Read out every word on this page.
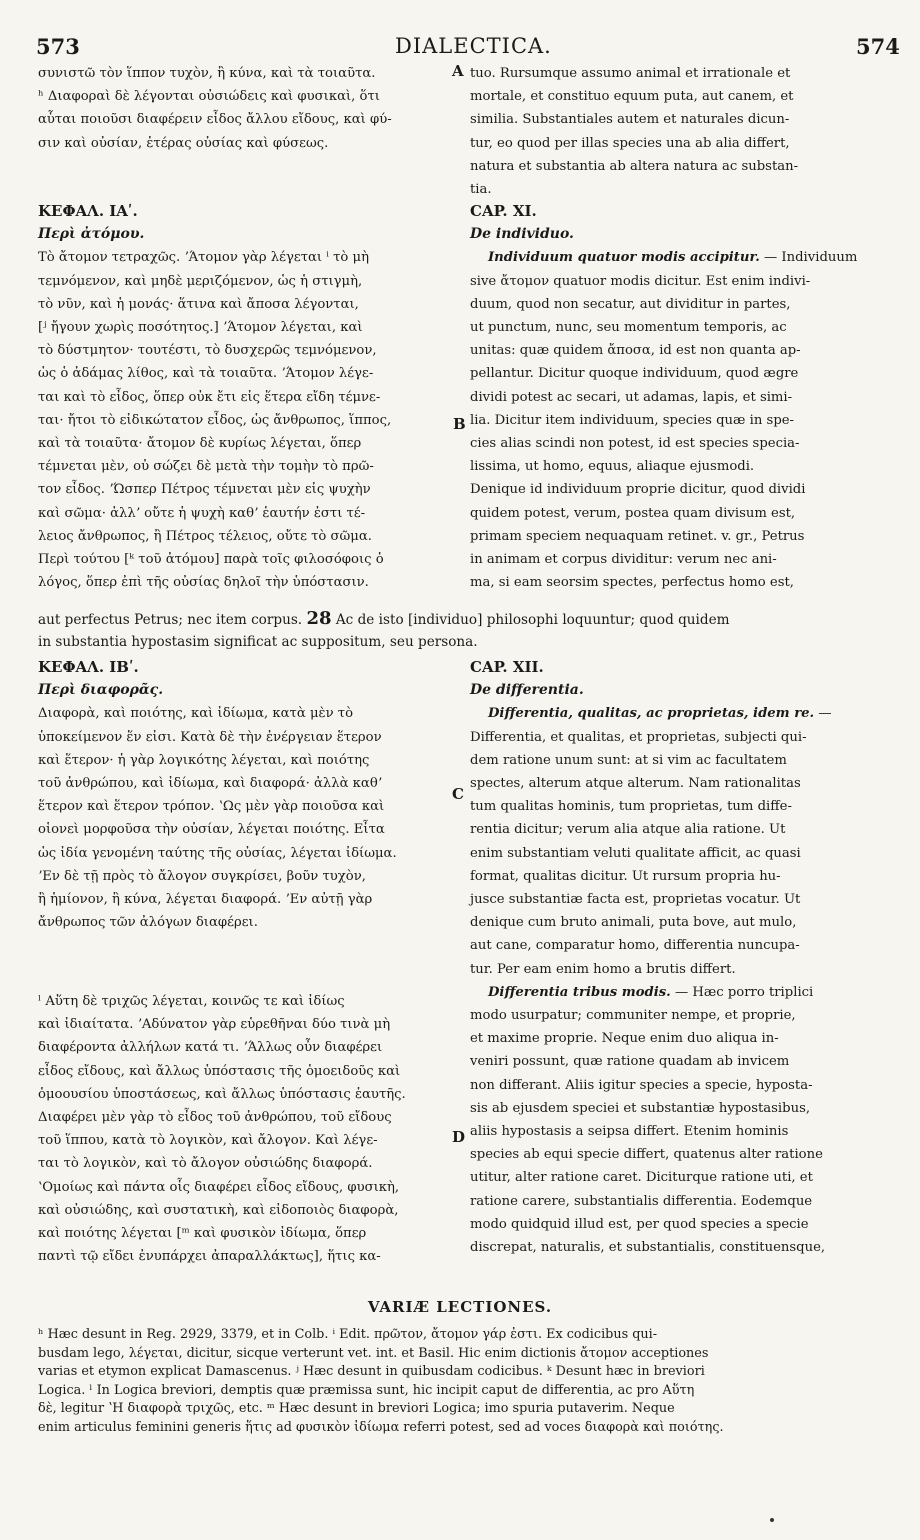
573	DIALECTICA.	574
A
B
C
D

συνιστῶ τὸν ἵππον τυχὸν, ἢ κύνα, καὶ τὰ τοιαῦτα.

ʰ Διαφοραὶ δὲ λέγονται οὐσιώδεις καὶ φυσικαὶ, ὅτι

αὗται ποιοῦσι διαφέρειν εἶδος ἄλλου εἴδους, καὶ φύ-

σιν καὶ οὐσίαν, ἑτέρας οὐσίας καὶ φύσεως.

ΚΕΦΑΛ. ΙΑʹ.

Περὶ ἀτόμου.

Τὸ ἄτομον τετραχῶς. ʼΆτομον γὰρ λέγεται ⁱ τὸ μὴ

τεμνόμενον, καὶ μηδὲ μεριζόμενον, ὡς ἡ στιγμὴ,

τὸ νῦν, καὶ ἡ μονάς· ἅτινα καὶ ἄποσα λέγονται,

[ʲ ἤγουν χωρὶς ποσότητος.] ʼΆτομον λέγεται, καὶ

τὸ δύστμητον· τουτέστι, τὸ δυσχερῶς τεμνόμενον,

ὡς ὁ ἀδάμας λίθος, καὶ τὰ τοιαῦτα. ʼΆτομον λέγε-

ται καὶ τὸ εἶδος, ὅπερ οὐκ ἔτι εἰς ἕτερα εἴδη τέμνε-

ται· ἤτοι τὸ εἰδικώτατον εἶδος, ὡς ἄνθρωπος, ἵππος,

καὶ τὰ τοιαῦτα· ἄτομον δὲ κυρίως λέγεται, ὅπερ

τέμνεται μὲν, οὐ σώζει δὲ μετὰ τὴν τομὴν τὸ πρῶ-

τον εἶδος. ʼΏσπερ Πέτρος τέμνεται μὲν εἰς ψυχὴν

καὶ σῶμα· ἀλλʼ οὔτε ἡ ψυχὴ καθʼ ἑαυτήν ἐστι τέ-

λειος ἄνθρωπος, ἢ Πέτρος τέλειος, οὔτε τὸ σῶμα.

Περὶ τούτου [ᵏ τοῦ ἀτόμου] παρὰ τοῖς φιλοσόφοις ὁ

λόγος, ὅπερ ἐπὶ τῆς οὐσίας δηλοῖ τὴν ὑπόστασιν.

tuo. Rursumque assumo animal et irrationale et

mortale, et constituo equum puta, aut canem, et

similia. Substantiales autem et naturales dicun-

tur, eo quod per illas species una ab alia differt,

natura et substantia ab altera natura ac substan-

tia.

CAP. XI.

De individuo.

Individuum quatuor modis accipitur. — Individuum

sive ἄτομον quatuor modis dicitur. Est enim indivi-

duum, quod non secatur, aut dividitur in partes,

ut punctum, nunc, seu momentum temporis, ac

unitas: quæ quidem ἄποσα, id est non quanta ap-

pellantur. Dicitur quoque individuum, quod ægre

dividi potest ac secari, ut adamas, lapis, et simi-

lia. Dicitur item individuum, species quæ in spe-

cies alias scindi non potest, id est species specia-

lissima, ut homo, equus, aliaque ejusmodi.

Denique id individuum proprie dicitur, quod dividi

quidem potest, verum, postea quam divisum est,

primam speciem nequaquam retinet. v. gr., Petrus

in animam et corpus dividitur: verum nec ani-

ma, si eam seorsim spectes, perfectus homo est,

aut perfectus Petrus; nec item corpus. 28 Ac de isto [individuo] philosophi loquuntur; quod quidem
in substantia hypostasim significat ac suppositum, seu persona.

ΚΕΦΑΛ. ΙΒʹ.

Περὶ διαφορᾶς.

Διαφορὰ, καὶ ποιότης, καὶ ἰδίωμα, κατὰ μὲν τὸ

ὑποκείμενον ἕν εἰσι. Κατὰ δὲ τὴν ἐνέργειαν ἕτερον

καὶ ἕτερον· ἡ γὰρ λογικότης λέγεται, καὶ ποιότης

τοῦ ἀνθρώπου, καὶ ἰδίωμα, καὶ διαφορά· ἀλλὰ καθʼ

ἕτερον καὶ ἕτερον τρόπον. ʽΩς μὲν γὰρ ποιοῦσα καὶ

οἱονεὶ μορφοῦσα τὴν οὐσίαν, λέγεται ποιότης. Εἶτα

ὡς ἰδία γενομένη ταύτης τῆς οὐσίας, λέγεται ἰδίωμα.

ʼΕν δὲ τῇ πρὸς τὸ ἄλογον συγκρίσει, βοῦν τυχὸν,

ἢ ἡμίονον, ἢ κύνα, λέγεται διαφορά. ʼΕν αὐτῇ γὰρ

ἄνθρωπος τῶν ἀλόγων διαφέρει.

ˡ Αὕτη δὲ τριχῶς λέγεται, κοινῶς τε καὶ ἰδίως

καὶ ἰδιαίτατα. ʼΑδύνατον γὰρ εὑρεθῆναι δύο τινὰ μὴ

διαφέροντα ἀλλήλων κατά τι. ʼΆλλως οὖν διαφέρει

εἶδος εἴδους, καὶ ἄλλως ὑπόστασις τῆς ὁμοειδοῦς καὶ

ὁμοουσίου ὑποστάσεως, καὶ ἄλλως ὑπόστασις ἑαυτῆς.

Διαφέρει μὲν γὰρ τὸ εἶδος τοῦ ἀνθρώπου, τοῦ εἴδους

τοῦ ἵππου, κατὰ τὸ λογικὸν, καὶ ἄλογον. Καὶ λέγε-

ται τὸ λογικὸν, καὶ τὸ ἄλογον οὐσιώδης διαφορά.

ʽΟμοίως καὶ πάντα οἷς διαφέρει εἶδος εἴδους, φυσικὴ,

καὶ οὐσιώδης, καὶ συστατικὴ, καὶ εἰδοποιὸς διαφορὰ,

καὶ ποιότης λέγεται [ᵐ καὶ φυσικὸν ἰδίωμα, ὅπερ

παντὶ τῷ εἴδει ἐνυπάρχει ἀπαραλλάκτως], ἥτις κα-

CAP. XII.

De differentia.

Differentia, qualitas, ac proprietas, idem re. —

Differentia, et qualitas, et proprietas, subjecti qui-

dem ratione unum sunt: at si vim ac facultatem

spectes, alterum atque alterum. Nam rationalitas

tum qualitas hominis, tum proprietas, tum diffe-

rentia dicitur; verum alia atque alia ratione. Ut

enim substantiam veluti qualitate afficit, ac quasi

format, qualitas dicitur. Ut rursum propria hu-

jusce substantiæ facta est, proprietas vocatur. Ut

denique cum bruto animali, puta bove, aut mulo,

aut cane, comparatur homo, differentia nuncupa-

tur. Per eam enim homo a brutis differt.

Differentia tribus modis. — Hæc porro triplici

modo usurpatur; communiter nempe, et proprie,

et maxime proprie. Neque enim duo aliqua in-

veniri possunt, quæ ratione quadam ab invicem

non differant. Aliis igitur species a specie, hyposta-

sis ab ejusdem speciei et substantiæ hypostasibus,

aliis hypostasis a seipsa differt. Etenim hominis

species ab equi specie differt, quatenus alter ratione

utitur, alter ratione caret. Diciturque ratione uti, et

ratione carere, substantialis differentia. Eodemque

modo quidquid illud est, per quod species a specie

discrepat, naturalis, et substantialis, constituensque,

VARIÆ LECTIONES.
ʰ Hæc desunt in Reg. 2929, 3379, et in Colb. ⁱ Edit. πρῶτον, ἄτομον γάρ ἐστι. Ex codicibus qui-
busdam lego, λέγεται, dicitur, sicque verterunt vet. int. et Basil. Hic enim dictionis ἄτομον acceptiones
varias et etymon explicat Damascenus. ʲ Hæc desunt in quibusdam codicibus. ᵏ Desunt hæc in breviori
Logica. ˡ In Logica breviori, demptis quæ præmissa sunt, hic incipit caput de differentia, ac pro Αὕτη
δὲ, legitur ʽΗ διαφορὰ τριχῶς, etc. ᵐ Hæc desunt in breviori Logica; imo spuria putaverim. Neque
enim articulus feminini generis ἥτις ad φυσικὸν ἰδίωμα referri potest, sed ad voces διαφορὰ καὶ ποιότης.
